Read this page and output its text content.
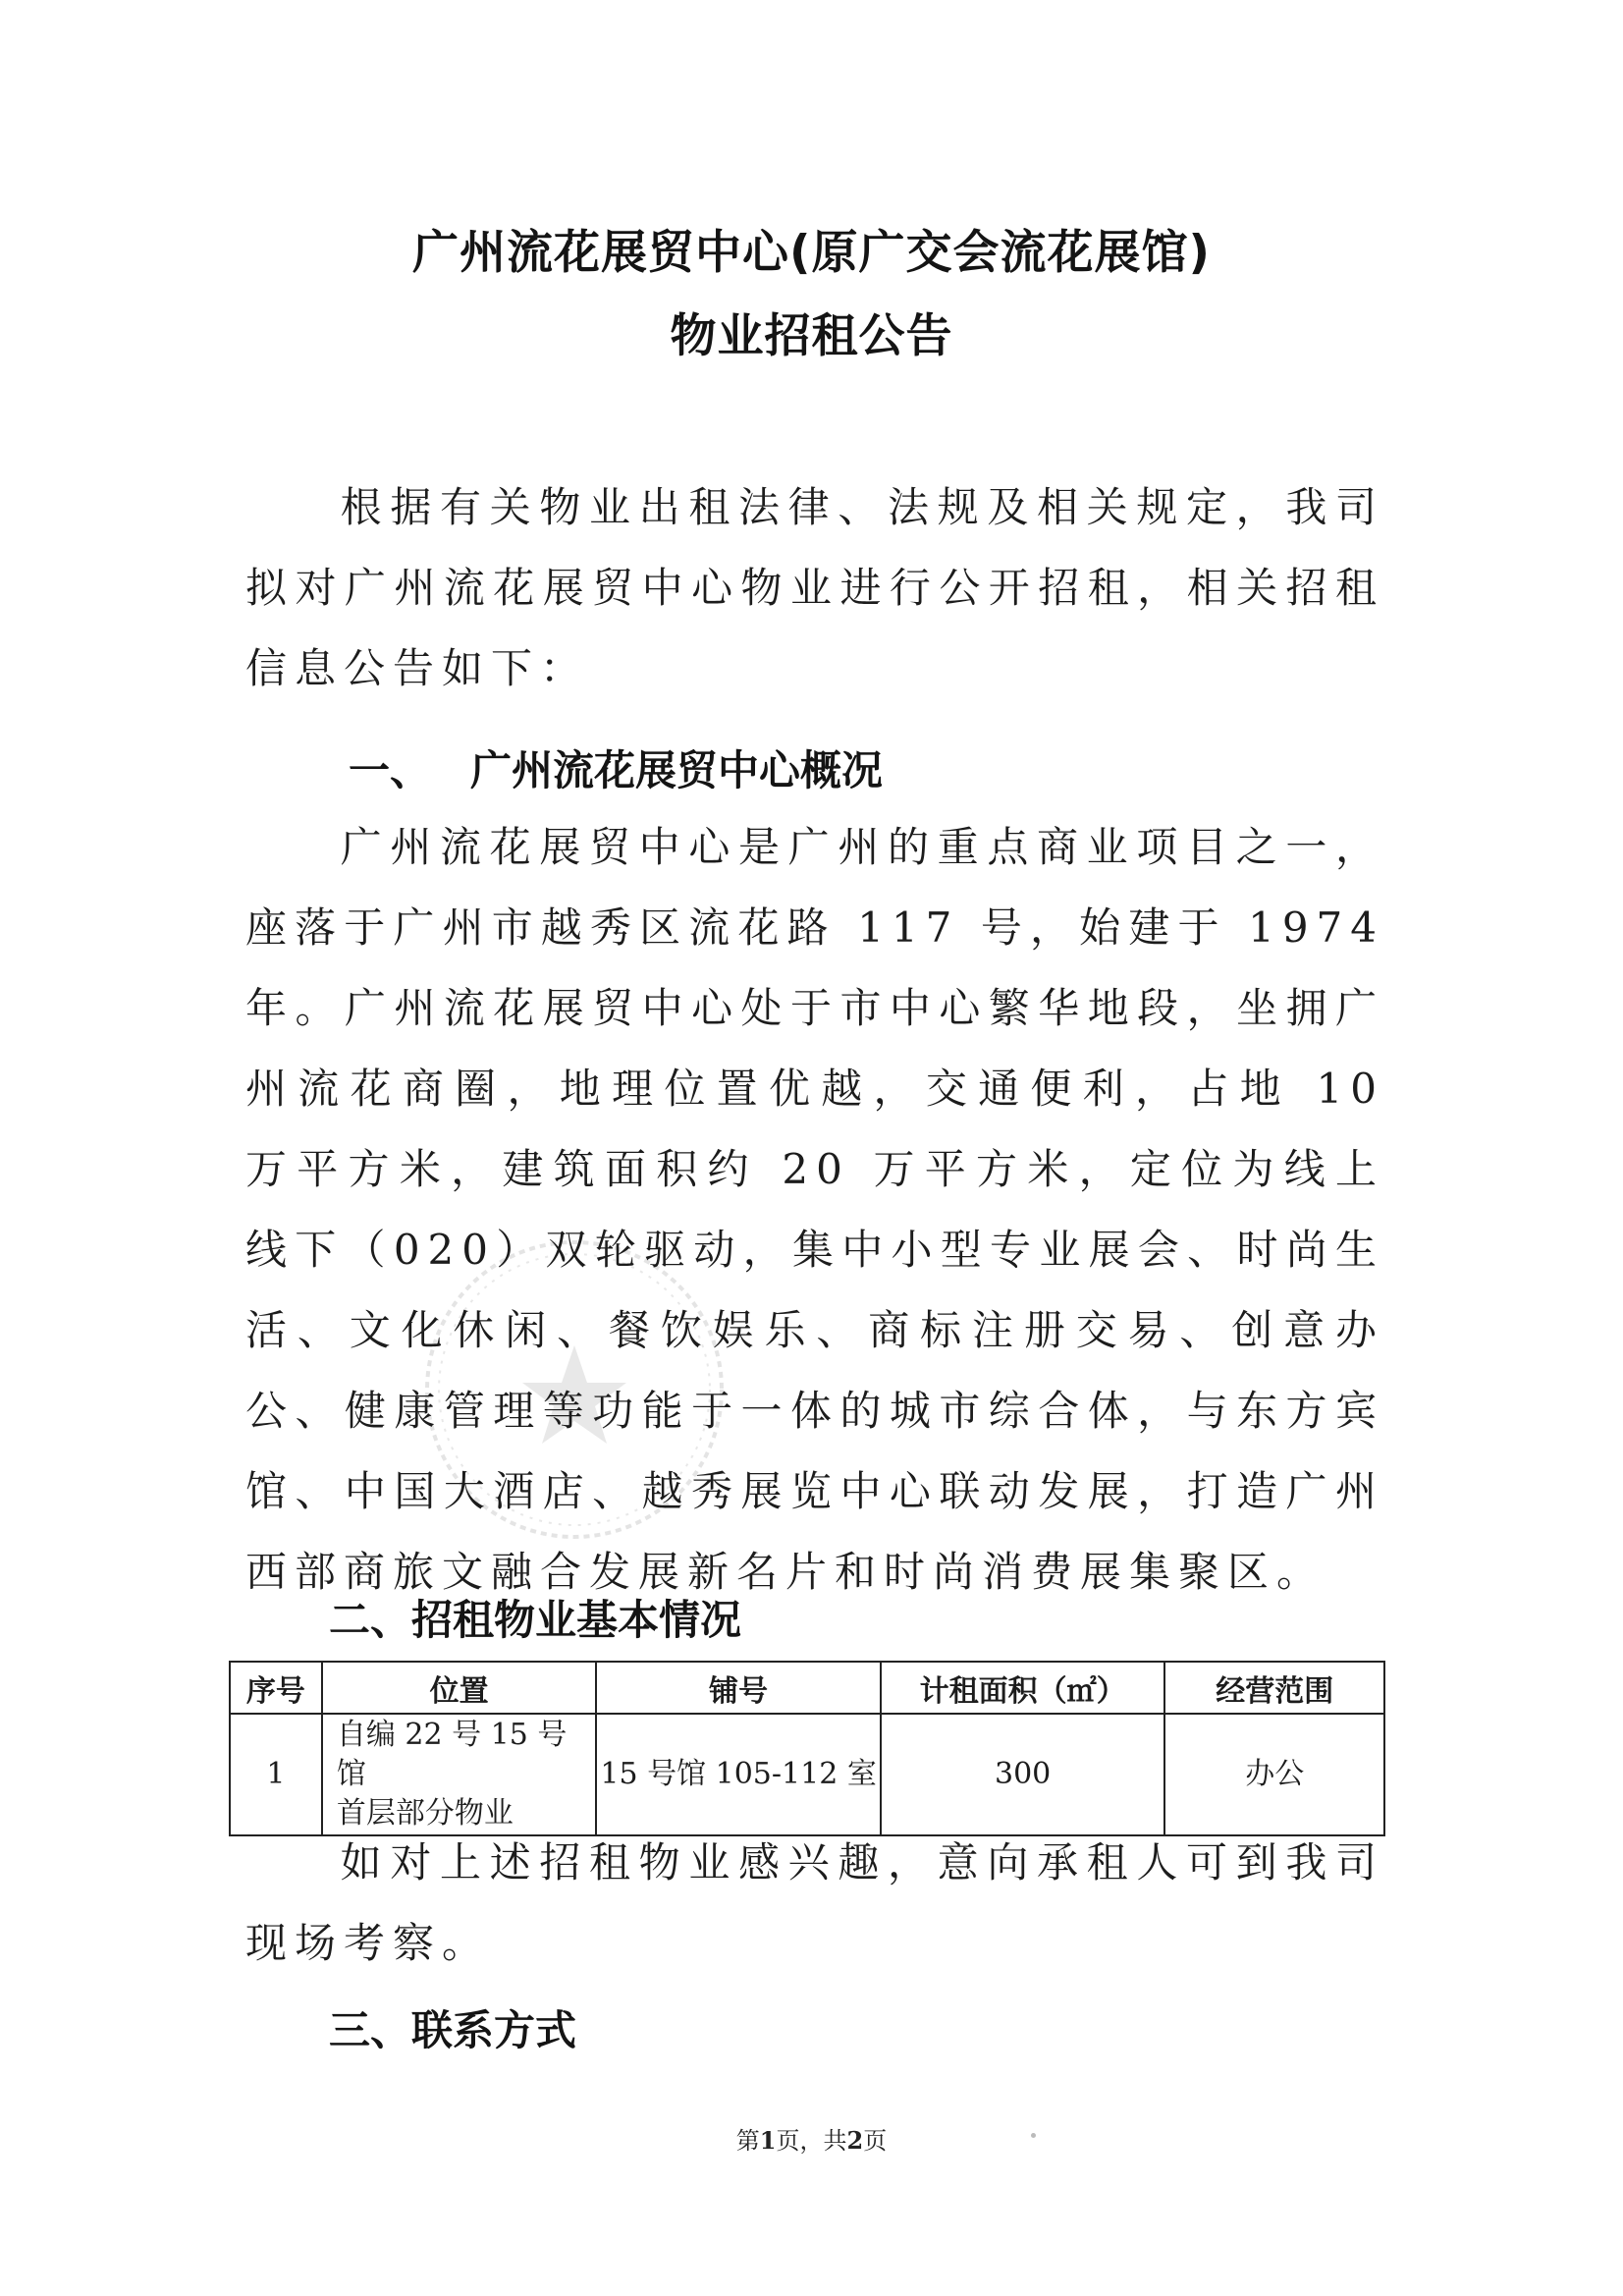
广州流花展贸中心(原广交会流花展馆)
物业招租公告
根据有关物业出租法律、法规及相关规定，我司拟对广州流花展贸中心物业进行公开招租，相关招租信息公告如下：
一、 广州流花展贸中心概况
广州流花展贸中心是广州的重点商业项目之一，座落于广州市越秀区流花路 117 号，始建于 1974 年。广州流花展贸中心处于市中心繁华地段，坐拥广州流花商圈，地理位置优越，交通便利，占地 10 万平方米，建筑面积约 20 万平方米，定位为线上线下（020）双轮驱动，集中小型专业展会、时尚生活、文化休闲、餐饮娱乐、商标注册交易、创意办公、健康管理等功能于一体的城市综合体，与东方宾馆、中国大酒店、越秀展览中心联动发展，打造广州西部商旅文融合发展新名片和时尚消费展集聚区。
二、招租物业基本情况
序号	位置	铺号	计租面积（㎡）	经营范围
1	自编 22 号 15 号馆
首层部分物业	15 号馆 105-112 室	300	办公
如对上述招租物业感兴趣，意向承租人可到我司现场考察。
三、联系方式
第1页，共2页
